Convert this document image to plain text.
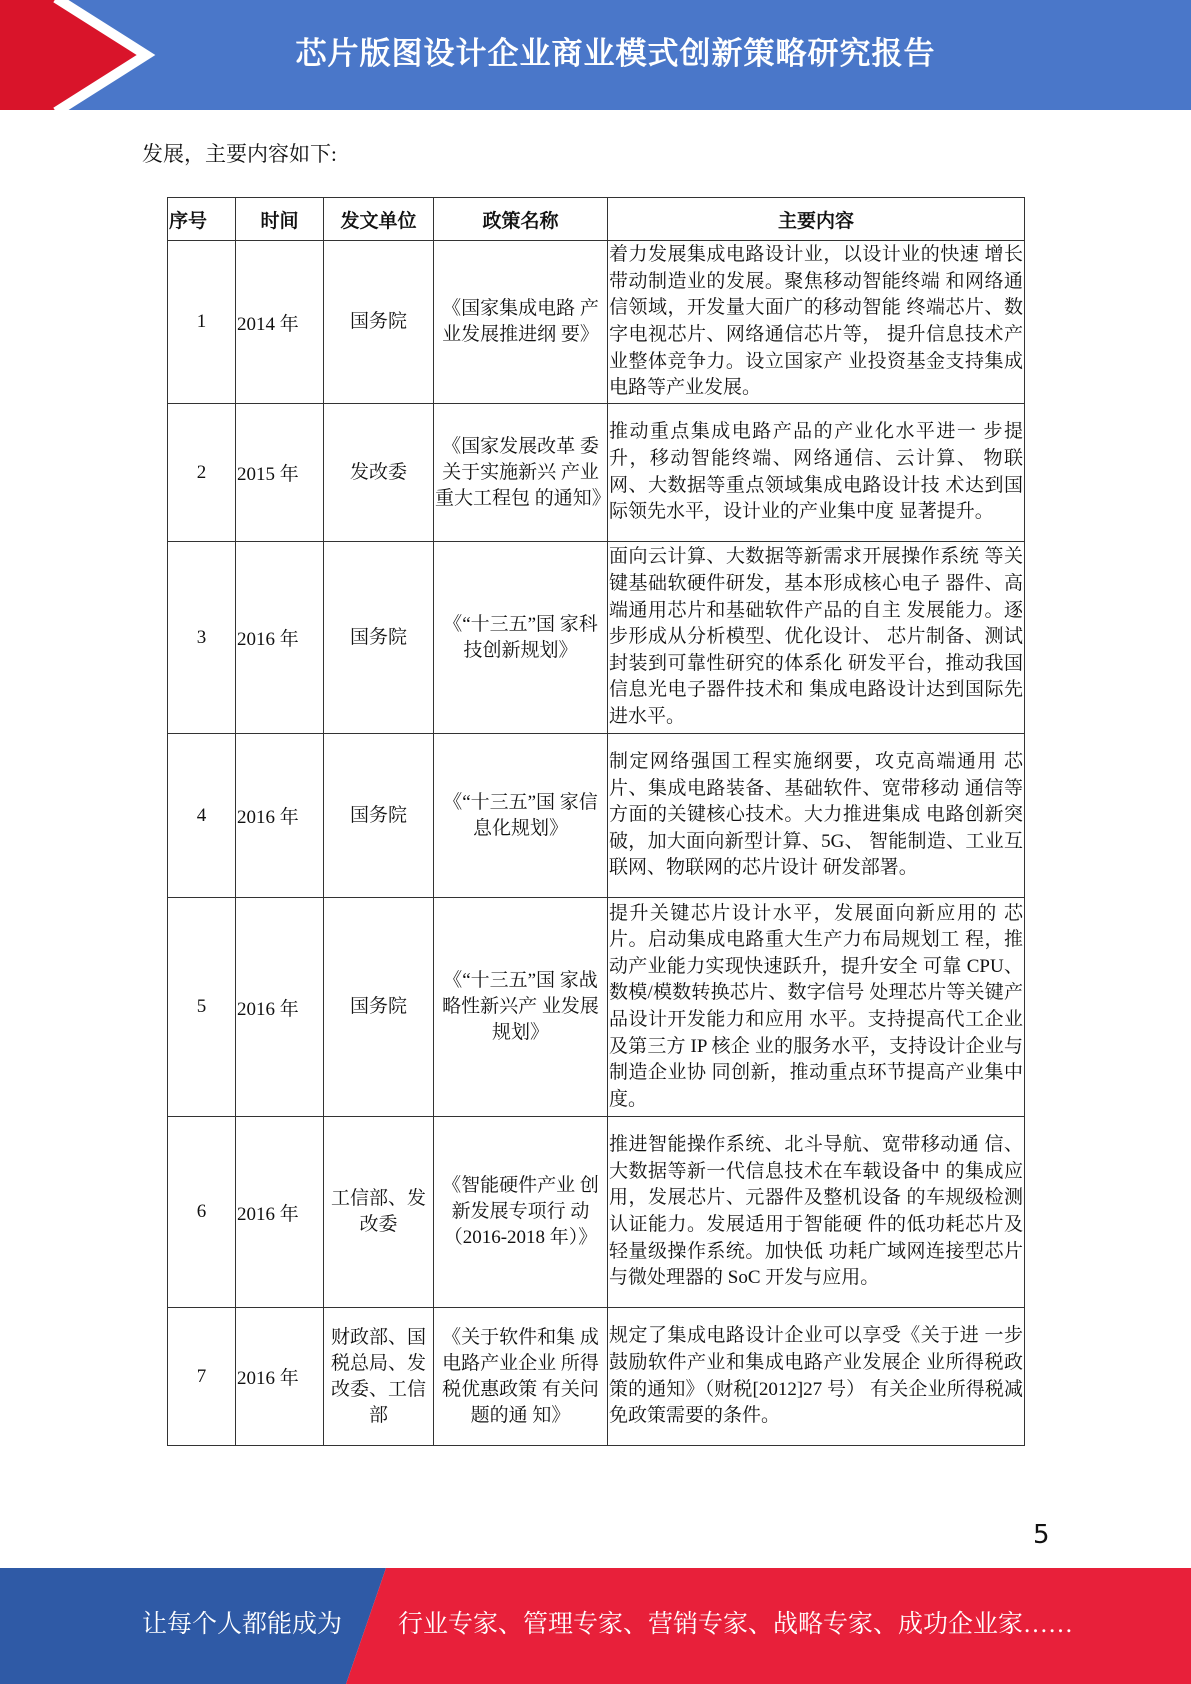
芯片版图设计企业商业模式创新策略研究报告
发展，主要内容如下:
序号	时间	发文单位	政策名称	主要内容
1	2014 年	国务院	《国家集成电路 产业发展推进纲 要》	着力发展集成电路设计业，以设计业的快速 增长带动制造业的发展。聚焦移动智能终端 和网络通信领域，开发量大面广的移动智能 终端芯片、数字电视芯片、网络通信芯片等， 提升信息技术产业整体竞争力。设立国家产 业投资基金支持集成电路等产业发展。
2	2015 年	发改委	《国家发展改革 委关于实施新兴 产业重大工程包 的通知》	推动重点集成电路产品的产业化水平进一 步提升，移动智能终端、网络通信、云计算、 物联网、大数据等重点领域集成电路设计技 术达到国际领先水平，设计业的产业集中度 显著提升。
3	2016 年	国务院	《“十三五”国 家科技创新规划》	面向云计算、大数据等新需求开展操作系统 等关键基础软硬件研发，基本形成核心电子 器件、高端通用芯片和基础软件产品的自主 发展能力。逐步形成从分析模型、优化设计、 芯片制备、测试封装到可靠性研究的体系化 研发平台，推动我国信息光电子器件技术和 集成电路设计达到国际先进水平。
4	2016 年	国务院	《“十三五”国 家信息化规划》	制定网络强国工程实施纲要，攻克高端通用 芯片、集成电路装备、基础软件、宽带移动 通信等方面的关键核心技术。大力推进集成 电路创新突破，加大面向新型计算、5G、 智能制造、工业互联网、物联网的芯片设计 研发部署。
5	2016 年	国务院	《“十三五”国 家战略性新兴产 业发展规划》	提升关键芯片设计水平，发展面向新应用的 芯片。启动集成电路重大生产力布局规划工 程，推动产业能力实现快速跃升，提升安全 可靠 CPU、数模/模数转换芯片、数字信号 处理芯片等关键产品设计开发能力和应用 水平。支持提高代工企业及第三方 IP 核企 业的服务水平，支持设计企业与制造企业协 同创新，推动重点环节提高产业集中度。
6	2016 年	工信部、发改委	《智能硬件产业 创新发展专项行 动（2016-2018 年）》	推进智能操作系统、北斗导航、宽带移动通 信、大数据等新一代信息技术在车载设备中 的集成应用，发展芯片、元器件及整机设备 的车规级检测认证能力。发展适用于智能硬 件的低功耗芯片及轻量级操作系统。加快低 功耗广域网连接型芯片与微处理器的 SoC 开发与应用。
7	2016 年	财政部、国税总局、发改委、工信部	《关于软件和集 成电路产业企业 所得税优惠政策 有关问题的通 知》	规定了集成电路设计企业可以享受《关于进 一步鼓励软件产业和集成电路产业发展企 业所得税政策的通知》（财税[2012]27 号） 有关企业所得税减免政策需要的条件。
5
让每个人都能成为 行业专家、管理专家、营销专家、战略专家、成功企业家……
